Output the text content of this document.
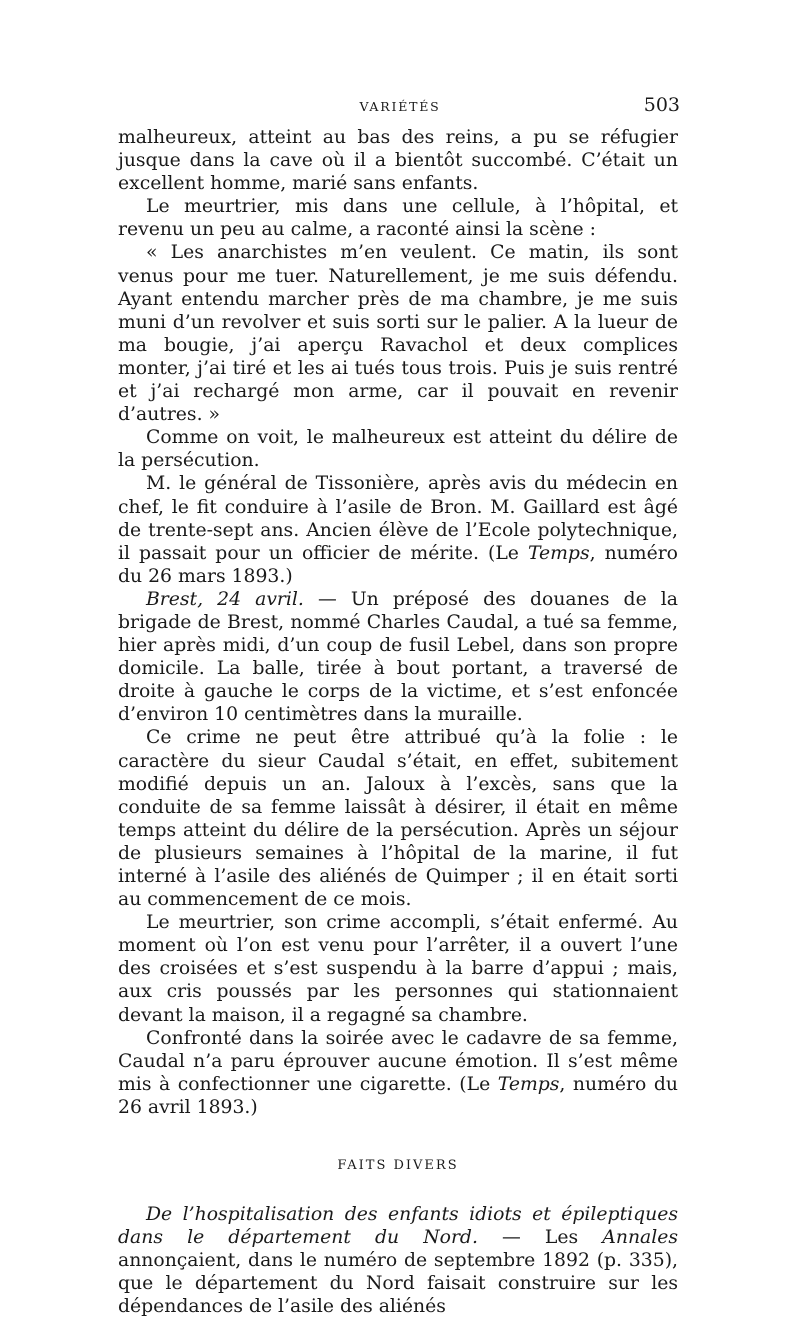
VARIÉTÉS	503

malheureux, atteint au bas des reins, a pu se réfugier jusque dans la cave où il a bientôt succombé. C’était un excellent homme, marié sans enfants.

Le meurtrier, mis dans une cellule, à l’hôpital, et revenu un peu au calme, a raconté ainsi la scène :

« Les anarchistes m’en veulent. Ce matin, ils sont venus pour me tuer. Naturellement, je me suis défendu. Ayant entendu marcher près de ma chambre, je me suis muni d’un revolver et suis sorti sur le palier. A la lueur de ma bougie, j’ai aperçu Ravachol et deux complices monter, j’ai tiré et les ai tués tous trois. Puis je suis rentré et j’ai rechargé mon arme, car il pouvait en revenir d’autres. »

Comme on voit, le malheureux est atteint du délire de la persécution.

M. le général de Tissonière, après avis du médecin en chef, le fit conduire à l’asile de Bron. M. Gaillard est âgé de trente-sept ans. Ancien élève de l’Ecole polytechnique, il passait pour un officier de mérite. (Le Temps, numéro du 26 mars 1893.)

Brest, 24 avril. — Un préposé des douanes de la brigade de Brest, nommé Charles Caudal, a tué sa femme, hier après midi, d’un coup de fusil Lebel, dans son propre domicile. La balle, tirée à bout portant, a traversé de droite à gauche le corps de la victime, et s’est enfoncée d’environ 10 centimètres dans la muraille.

Ce crime ne peut être attribué qu’à la folie : le caractère du sieur Caudal s’était, en effet, subitement modifié depuis un an. Jaloux à l’excès, sans que la conduite de sa femme laissât à désirer, il était en même temps atteint du délire de la persécution. Après un séjour de plusieurs semaines à l’hôpital de la marine, il fut interné à l’asile des aliénés de Quimper ; il en était sorti au commencement de ce mois.

Le meurtrier, son crime accompli, s’était enfermé. Au moment où l’on est venu pour l’arrêter, il a ouvert l’une des croisées et s’est suspendu à la barre d’appui ; mais, aux cris poussés par les personnes qui stationnaient devant la maison, il a regagné sa chambre.

Confronté dans la soirée avec le cadavre de sa femme, Caudal n’a paru éprouver aucune émotion. Il s’est même mis à confectionner une cigarette. (Le Temps, numéro du 26 avril 1893.)

FAITS DIVERS

De l’hospitalisation des enfants idiots et épileptiques dans le département du Nord. — Les Annales annonçaient, dans le numéro de septembre 1892 (p. 335), que le département du Nord faisait construire sur les dépendances de l’asile des aliénés
